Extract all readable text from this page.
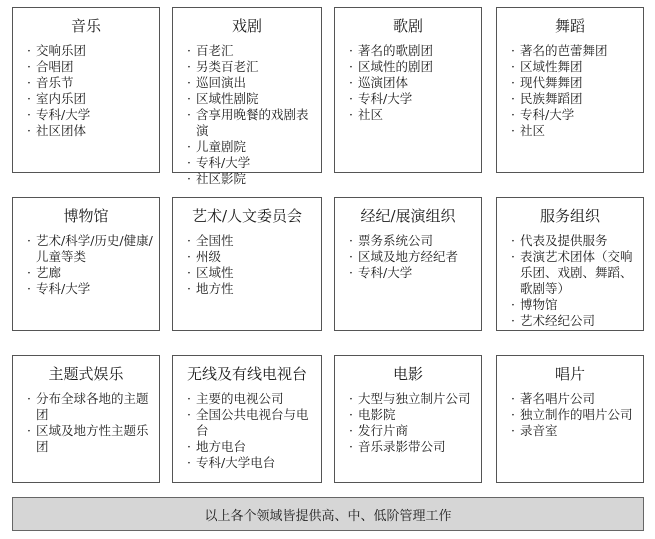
音乐
· 交响乐团
· 合唱团
· 音乐节
· 室内乐团
· 专科/大学
· 社区团体
戏剧
· 百老汇
· 另类百老汇
· 巡回演出
· 区域性剧院
· 含享用晚餐的戏剧表演
· 儿童剧院
· 专科/大学
· 社区影院
歌剧
· 著名的歌剧团
· 区域性的剧团
· 巡演团体
· 专科/大学
· 社区
舞蹈
· 著名的芭蕾舞团
· 区域性舞团
· 现代舞舞团
· 民族舞蹈团
· 专科/大学
· 社区
博物馆
· 艺术/科学/历史/健康/儿童等类
· 艺廊
· 专科/大学
艺术/人文委员会
· 全国性
· 州级
· 区域性
· 地方性
经纪/展演组织
· 票务系统公司
· 区域及地方经纪者
· 专科/大学
服务组织
· 代表及提供服务
· 表演艺术团体（交响乐团、戏剧、舞蹈、歌剧等）
· 博物馆
· 艺术经纪公司
主题式娱乐
· 分布全球各地的主题团
· 区域及地方性主题乐团
无线及有线电视台
· 主要的电视公司
· 全国公共电视台与电台
· 地方电台
· 专科/大学电台
电影
· 大型与独立制片公司
· 电影院
· 发行片商
· 音乐录影带公司
唱片
· 著名唱片公司
· 独立制作的唱片公司
· 录音室
以上各个领域皆提供高、中、低阶管理工作
